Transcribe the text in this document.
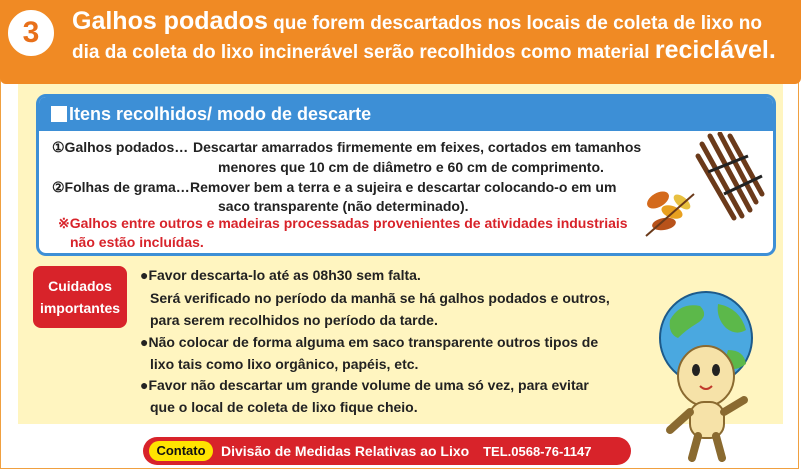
3	Galhos podados que forem descartados nos locais de coleta de lixo no
dia da coleta do lixo incinerável serão recolhidos como material reciclável.
Itens recolhidos/ modo de descarte
①Galhos podados… Descartar amarrados firmemente em feixes, cortados em tamanhos
menores que 10 cm de diâmetro e 60 cm de comprimento.
②Folhas de grama… Remover bem a terra e a sujeira e descartar colocando-o em um
saco transparente (não determinado).
※Galhos entre outros e madeiras processadas provenientes de atividades industriais
não estão incluídas.
Cuidados
importantes
●Favor descarta-lo até as 08h30 sem falta.
Será verificado no período da manhã se há galhos podados e outros,
para serem recolhidos no período da tarde.
●Não colocar de forma alguma em saco transparente outros tipos de
lixo tais como lixo orgânico, papéis, etc.
●Favor não descartar um grande volume de uma só vez, para evitar
que o local de coleta de lixo fique cheio.
Contato	Divisão de Medidas Relativas ao Lixo TEL.0568-76-1147
